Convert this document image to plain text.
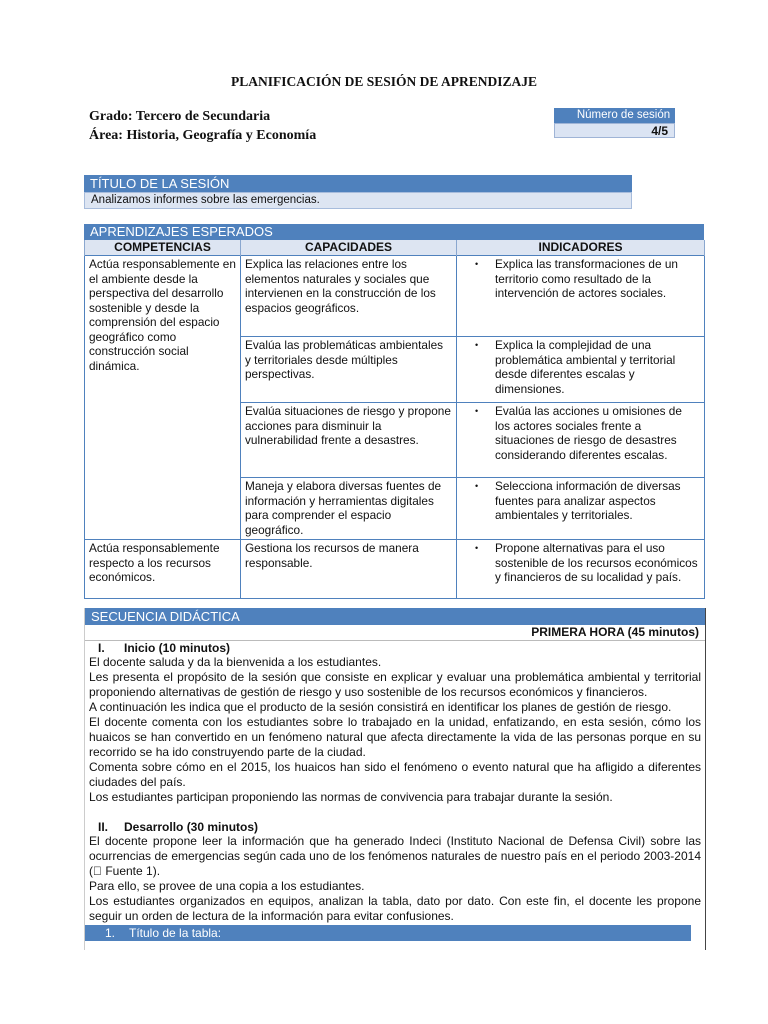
PLANIFICACIÓN DE SESIÓN DE APRENDIZAJE
Grado: Tercero de Secundaria
Área: Historia, Geografía y Economía
Número de sesión
4/5
TÍTULO DE LA SESIÓN
Analizamos informes sobre las emergencias.
APRENDIZAJES ESPERADOS
COMPETENCIAS	CAPACIDADES	INDICADORES
Actúa responsablemente en el ambiente desde la perspectiva del desarrollo sostenible y desde la comprensión del espacio geográfico como construcción social dinámica.	Explica las relaciones entre los elementos naturales y sociales que intervienen en la construcción de los espacios geográficos.	• Explica las transformaciones de un territorio como resultado de la intervención de actores sociales.

	Evalúa las problemáticas ambientales y territoriales desde múltiples perspectivas.	• Explica la complejidad de una problemática ambiental y territorial desde diferentes escalas y dimensiones.

	Evalúa situaciones de riesgo y propone acciones para disminuir la vulnerabilidad frente a desastres.	• Evalúa las acciones u omisiones de los actores sociales frente a situaciones de riesgo de desastres considerando diferentes escalas.

	Maneja y elabora diversas fuentes de información y herramientas digitales para comprender el espacio geográfico.	• Selecciona información de diversas fuentes para analizar aspectos ambientales y territoriales.

Actúa responsablemente respecto a los recursos económicos.	Gestiona los recursos de manera responsable.	• Propone alternativas para el uso sostenible de los recursos económicos y financieros de su localidad y país.
SECUENCIA DIDÁCTICA
PRIMERA HORA (45 minutos)
I. Inicio (10 minutos)

El docente saluda y da la bienvenida a los estudiantes.

Les presenta el propósito de la sesión que consiste en explicar y evaluar una problemática ambiental y territorial proponiendo alternativas de gestión de riesgo y uso sostenible de los recursos económicos y financieros.

A continuación les indica que el producto de la sesión consistirá en identificar los planes de gestión de riesgo.

El docente comenta con los estudiantes sobre lo trabajado en la unidad, enfatizando, en esta sesión, cómo los huaicos se han convertido en un fenómeno natural que afecta directamente la vida de las personas porque en su recorrido se ha ido construyendo parte de la ciudad.

Comenta sobre cómo en el 2015, los huaicos han sido el fenómeno o evento natural que ha afligido a diferentes ciudades del país.

Los estudiantes participan proponiendo las normas de convivencia para trabajar durante la sesión.

II. Desarrollo (30 minutos)

El docente propone leer la información que ha generado Indeci (Instituto Nacional de Defensa Civil) sobre las ocurrencias de emergencias según cada uno de los fenómenos naturales de nuestro país en el periodo 2003-2014 ( Fuente 1).

Para ello, se provee de una copia a los estudiantes.

Los estudiantes organizados en equipos, analizan la tabla, dato por dato. Con este fin, el docente les propone seguir un orden de lectura de la información para evitar confusiones.

1. Título de la tabla:
